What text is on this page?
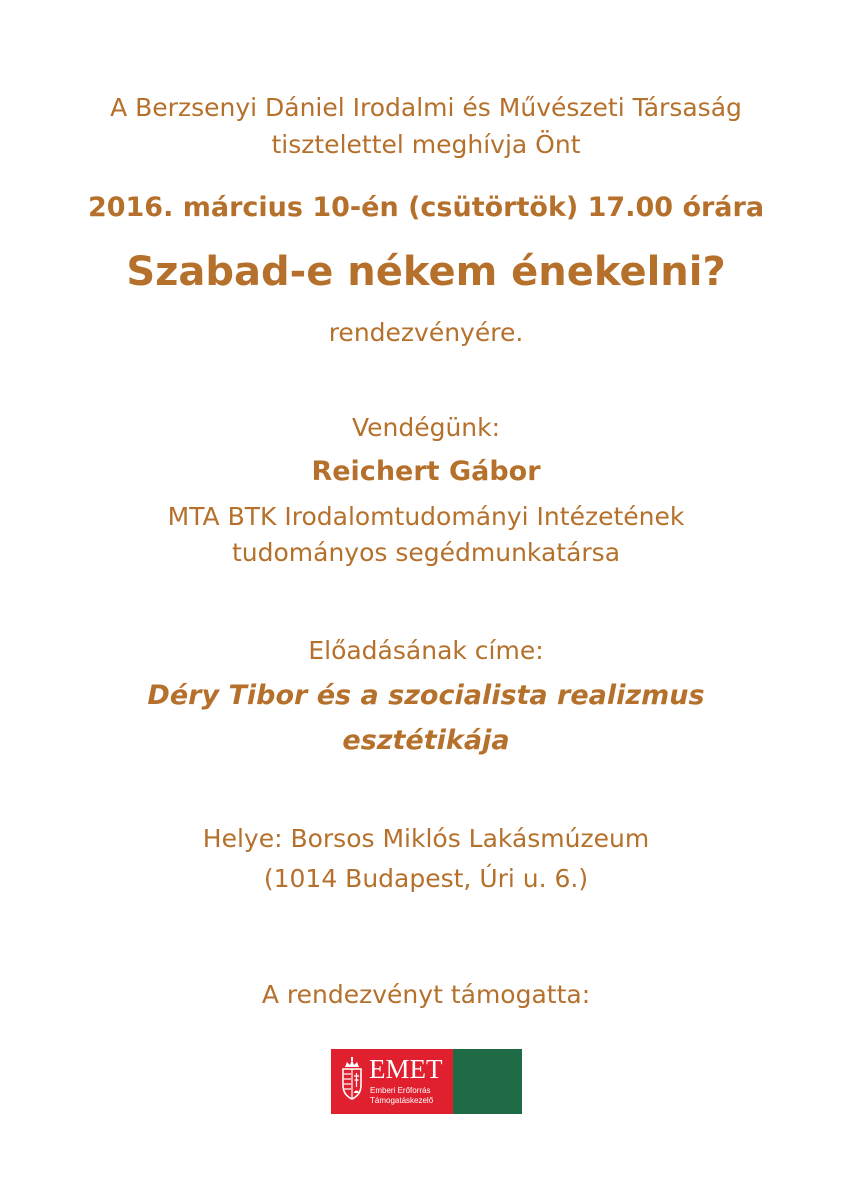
A Berzsenyi Dániel Irodalmi és Művészeti Társaság
tisztelettel meghívja Önt
2016. március 10-én (csütörtök) 17.00 órára
Szabad-e nékem énekelni?
rendezvényére.
Vendégünk:
Reichert Gábor
MTA BTK Irodalomtudományi Intézetének
tudományos segédmunkatársa
Előadásának címe:
Déry Tibor és a szocialista realizmus
esztétikája
Helye: Borsos Miklós Lakásmúzeum
(1014 Budapest, Úri u. 6.)
A rendezvényt támogatta:
EMET
Emberi Erőforrás
Támogatáskezelő
